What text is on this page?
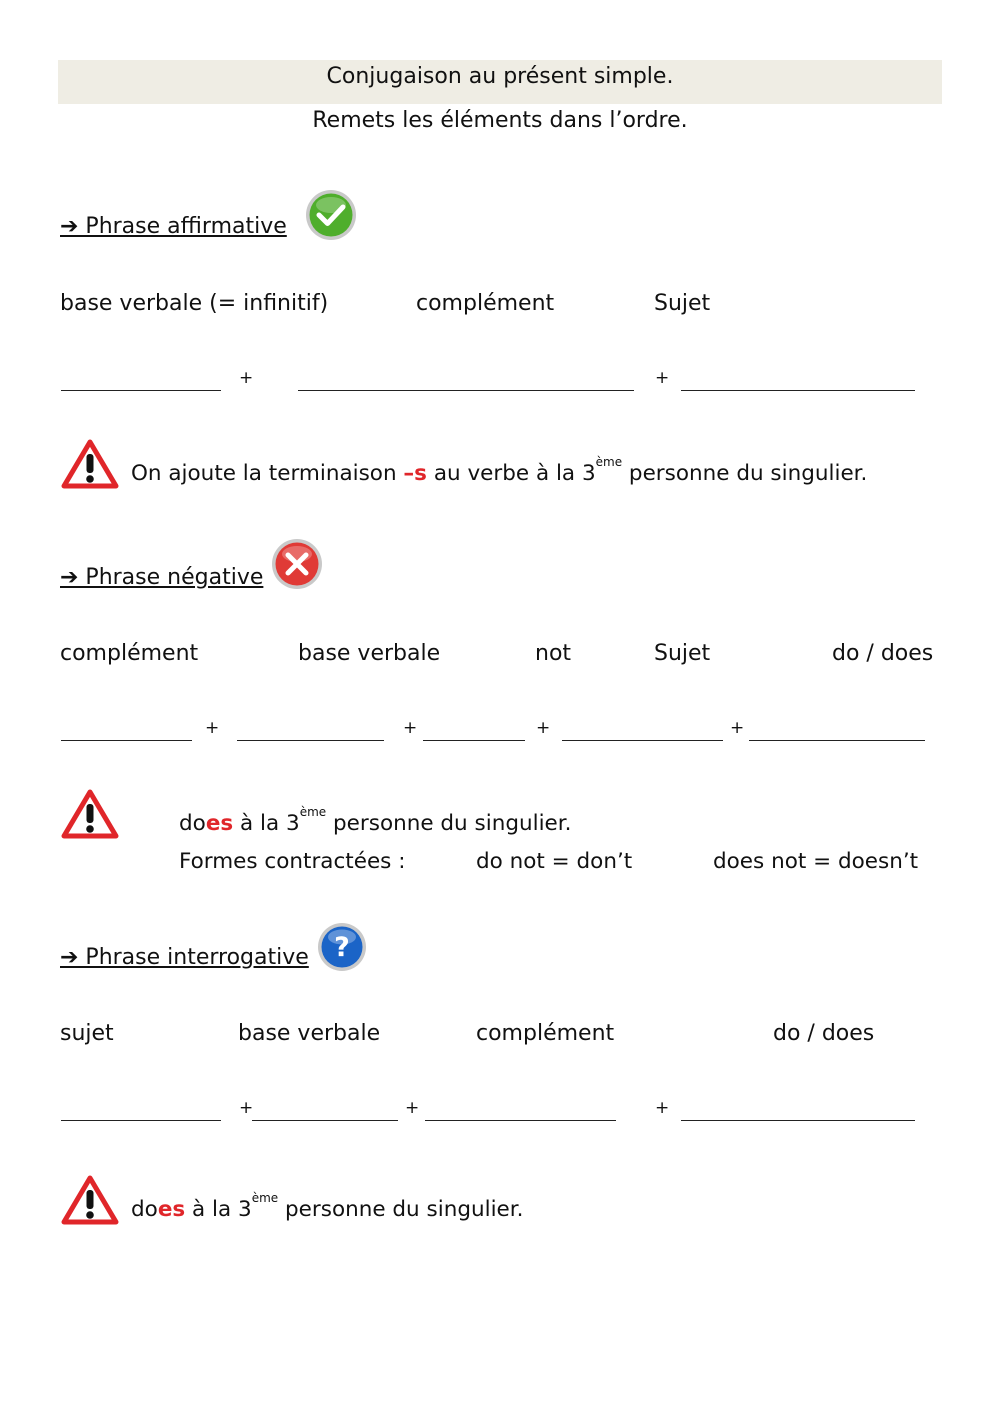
Conjugaison au présent simple.
Remets les éléments dans l’ordre.
➔ Phrase affirmative
base verbale (= infinitif)	complément	Sujet
+	+
On ajoute la terminaison –s au verbe à la 3ème personne du singulier.
➔ Phrase négative
complément	base verbale	not	Sujet	do / does
+	+	+	+
does à la 3ème personne du singulier.
Formes contractées :	do not = don’t	does not = doesn’t
➔ Phrase interrogative ?
sujet	base verbale	complément	do / does
+	+	+
does à la 3ème personne du singulier.
